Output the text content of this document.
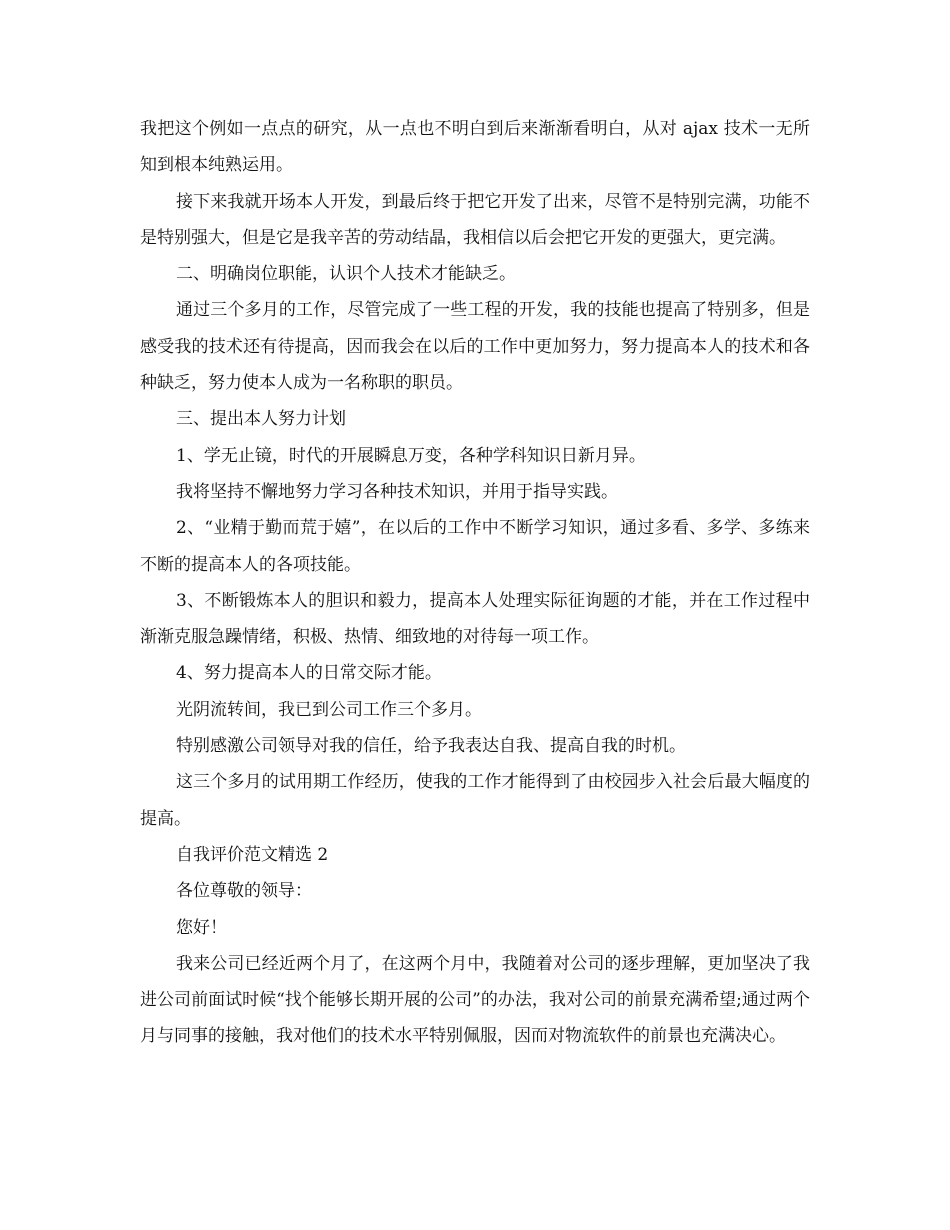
我把这个例如一点点的研究，从一点也不明白到后来渐渐看明白，从对 ajax 技术一无所知到根本纯熟运用。

接下来我就开场本人开发，到最后终于把它开发了出来，尽管不是特别完满，功能不是特别强大，但是它是我辛苦的劳动结晶，我相信以后会把它开发的更强大，更完满。

二、明确岗位职能，认识个人技术才能缺乏。

通过三个多月的工作，尽管完成了一些工程的开发，我的技能也提高了特别多，但是感受我的技术还有待提高，因而我会在以后的工作中更加努力，努力提高本人的技术和各种缺乏，努力使本人成为一名称职的职员。

三、提出本人努力计划

1、学无止镜，时代的开展瞬息万变，各种学科知识日新月异。

我将坚持不懈地努力学习各种技术知识，并用于指导实践。

2、“业精于勤而荒于嬉”，在以后的工作中不断学习知识，通过多看、多学、多练来不断的提高本人的各项技能。

3、不断锻炼本人的胆识和毅力，提高本人处理实际征询题的才能，并在工作过程中渐渐克服急躁情绪，积极、热情、细致地的对待每一项工作。

4、努力提高本人的日常交际才能。

光阴流转间，我已到公司工作三个多月。

特别感激公司领导对我的信任，给予我表达自我、提高自我的时机。

这三个多月的试用期工作经历，使我的工作才能得到了由校园步入社会后最大幅度的提高。

自我评价范文精选 2

各位尊敬的领导：

您好！

我来公司已经近两个月了，在这两个月中，我随着对公司的逐步理解，更加坚决了我进公司前面试时候“找个能够长期开展的公司”的办法，我对公司的前景充满希望;通过两个月与同事的接触，我对他们的技术水平特别佩服，因而对物流软件的前景也充满决心。
